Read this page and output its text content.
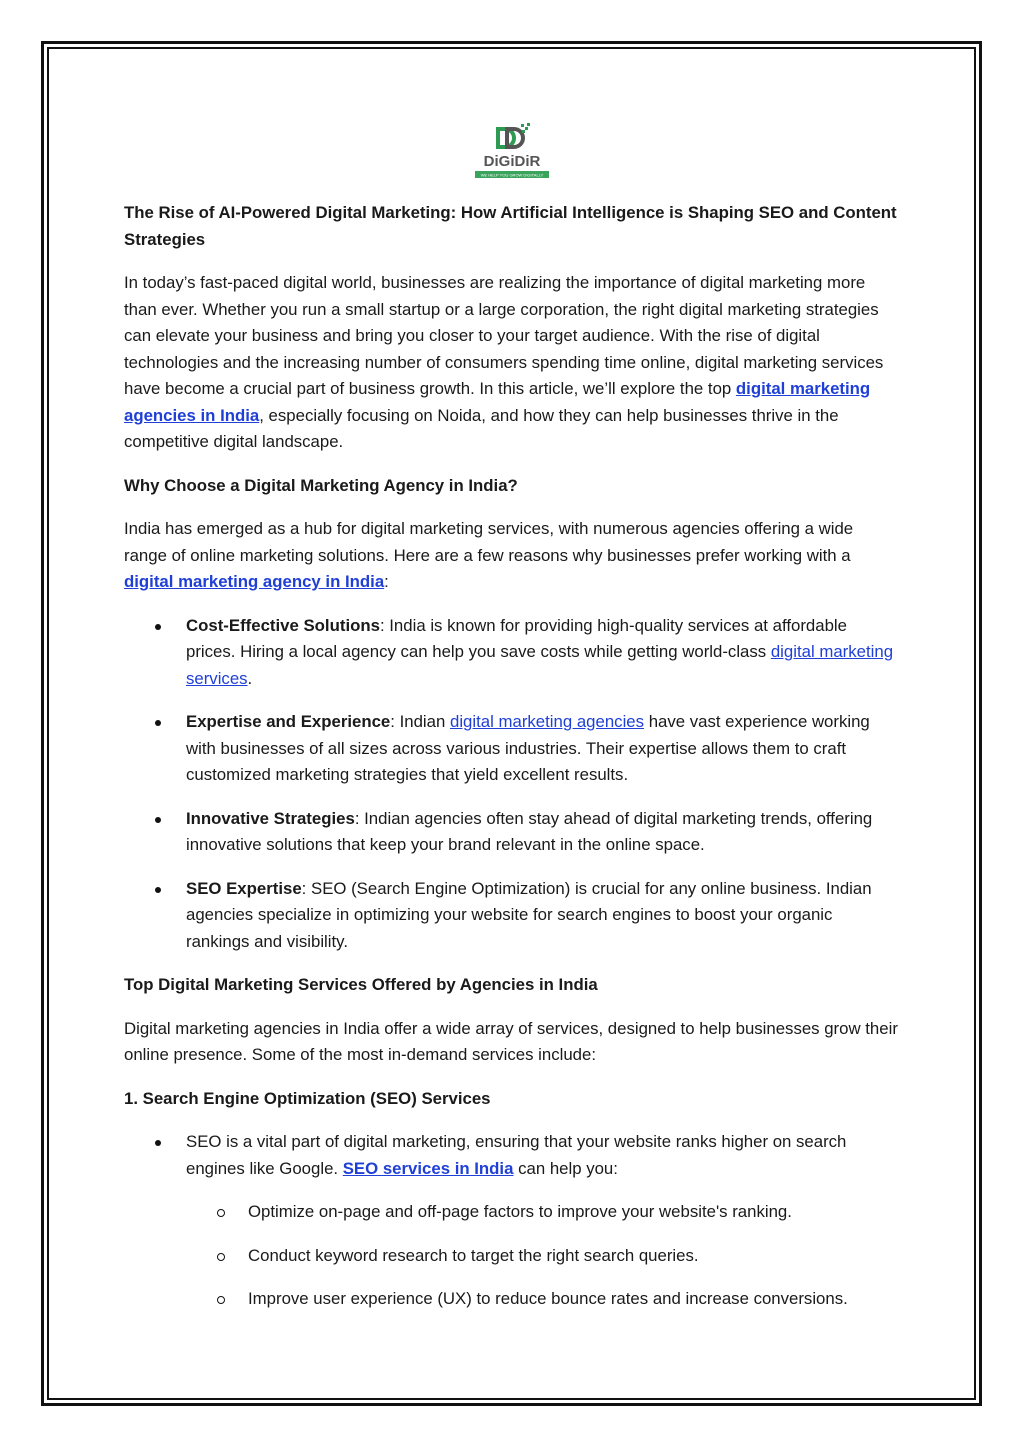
DiGiDiR
WE HELP YOU GROW DIGITALLY
The Rise of AI-Powered Digital Marketing: How Artificial Intelligence is Shaping SEO and Content Strategies

In today’s fast-paced digital world, businesses are realizing the importance of digital marketing more than ever. Whether you run a small startup or a large corporation, the right digital marketing strategies can elevate your business and bring you closer to your target audience. With the rise of digital technologies and the increasing number of consumers spending time online, digital marketing services have become a crucial part of business growth. In this article, we’ll explore the top digital marketing agencies in India, especially focusing on Noida, and how they can help businesses thrive in the competitive digital landscape.

Why Choose a Digital Marketing Agency in India?

India has emerged as a hub for digital marketing services, with numerous agencies offering a wide range of online marketing solutions. Here are a few reasons why businesses prefer working with a digital marketing agency in India:

Cost-Effective Solutions: India is known for providing high-quality services at affordable prices. Hiring a local agency can help you save costs while getting world-class digital marketing services.
Expertise and Experience: Indian digital marketing agencies have vast experience working with businesses of all sizes across various industries. Their expertise allows them to craft customized marketing strategies that yield excellent results.
Innovative Strategies: Indian agencies often stay ahead of digital marketing trends, offering innovative solutions that keep your brand relevant in the online space.
SEO Expertise: SEO (Search Engine Optimization) is crucial for any online business. Indian agencies specialize in optimizing your website for search engines to boost your organic rankings and visibility.
Top Digital Marketing Services Offered by Agencies in India

Digital marketing agencies in India offer a wide array of services, designed to help businesses grow their online presence. Some of the most in-demand services include:

1. Search Engine Optimization (SEO) Services
SEO is a vital part of digital marketing, ensuring that your website ranks higher on search engines like Google. SEO services in India can help you:
Optimize on-page and off-page factors to improve your website's ranking.
Conduct keyword research to target the right search queries.
Improve user experience (UX) to reduce bounce rates and increase conversions.
